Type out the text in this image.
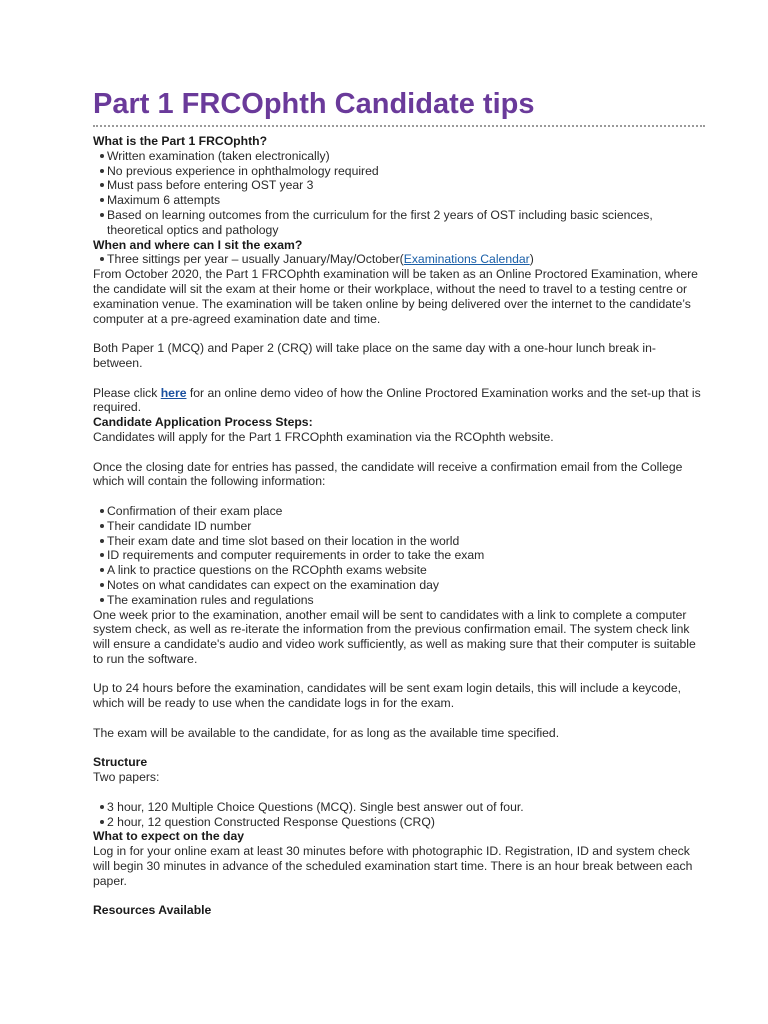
Part 1 FRCOphth Candidate tips

What is the Part 1 FRCOphth?

Written examination (taken electronically)
No previous experience in ophthalmology required
Must pass before entering OST year 3
Maximum 6 attempts
Based on learning outcomes from the curriculum for the first 2 years of OST including basic sciences, theoretical optics and pathology

When and where can I sit the exam?

Three sittings per year – usually January/May/October(Examinations Calendar)

From October 2020, the Part 1 FRCOphth examination will be taken as an Online Proctored Examination, where the candidate will sit the exam at their home or their workplace, without the need to travel to a testing centre or examination venue. The examination will be taken online by being delivered over the internet to the candidate’s computer at a pre-agreed examination date and time.

Both Paper 1 (MCQ) and Paper 2 (CRQ) will take place on the same day with a one-hour lunch break in-between.

Please click here for an online demo video of how the Online Proctored Examination works and the set-up that is required.

Candidate Application Process Steps:

Candidates will apply for the Part 1 FRCOphth examination via the RCOphth website.

Once the closing date for entries has passed, the candidate will receive a confirmation email from the College which will contain the following information:

Confirmation of their exam place
Their candidate ID number
Their exam date and time slot based on their location in the world
ID requirements and computer requirements in order to take the exam
A link to practice questions on the RCOphth exams website
Notes on what candidates can expect on the examination day
The examination rules and regulations

One week prior to the examination, another email will be sent to candidates with a link to complete a computer system check, as well as re-iterate the information from the previous confirmation email. The system check link will ensure a candidate's audio and video work sufficiently, as well as making sure that their computer is suitable to run the software.

Up to 24 hours before the examination, candidates will be sent exam login details, this will include a keycode, which will be ready to use when the candidate logs in for the exam.

The exam will be available to the candidate, for as long as the available time specified.

Structure

Two papers:

3 hour, 120 Multiple Choice Questions (MCQ). Single best answer out of four.
2 hour, 12 question Constructed Response Questions (CRQ)

What to expect on the day

Log in for your online exam at least 30 minutes before with photographic ID. Registration, ID and system check will begin 30 minutes in advance of the scheduled examination start time. There is an hour break between each paper.

Resources Available
